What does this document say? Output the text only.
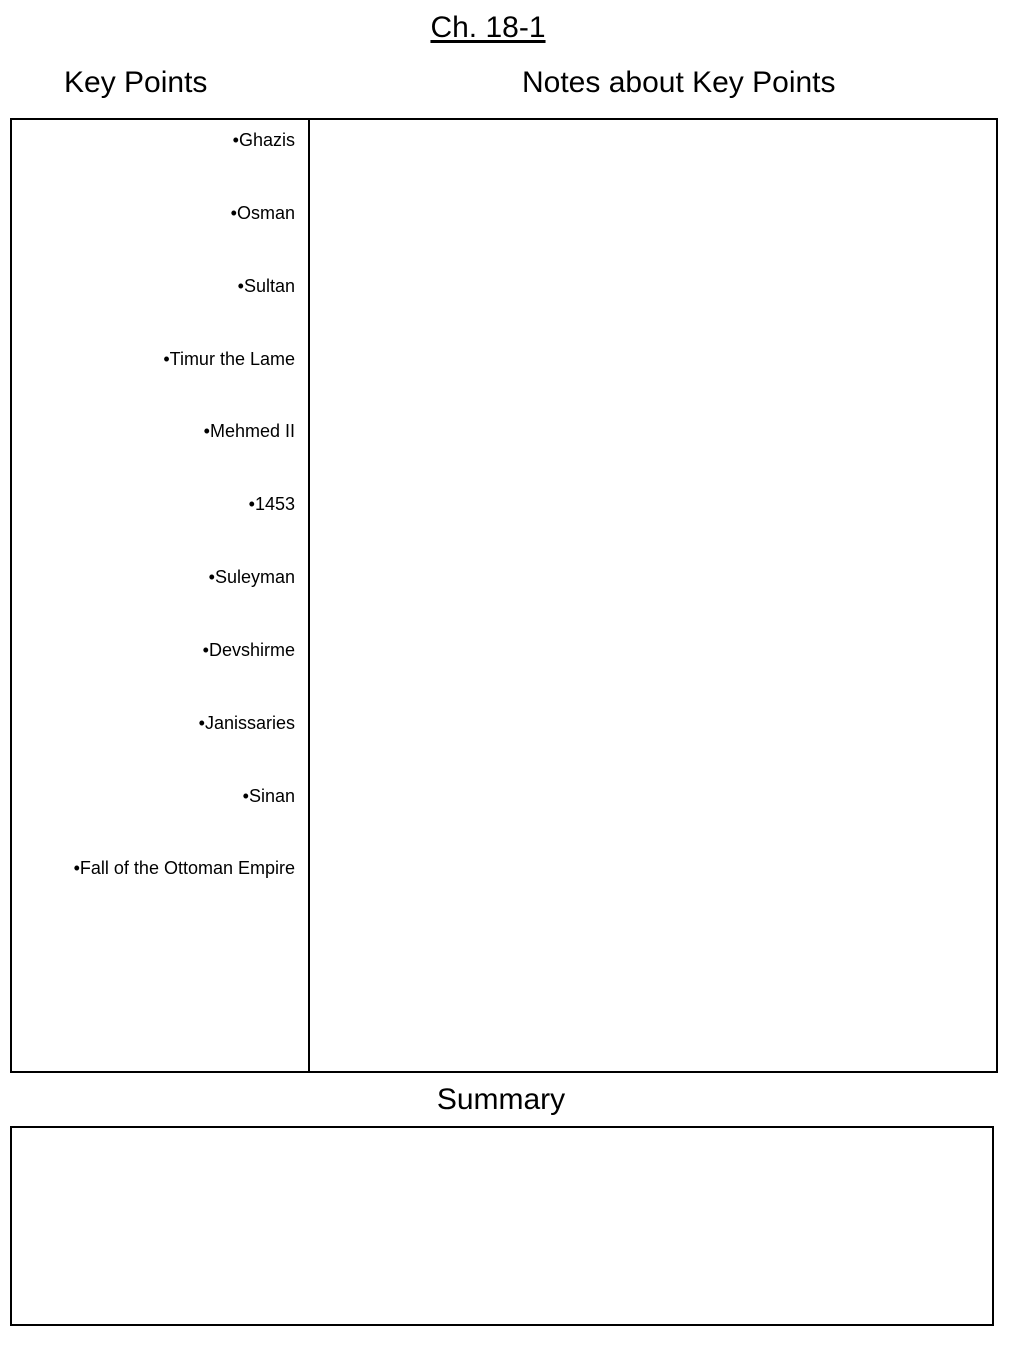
Ch. 18-1
Key Points	Notes about Key Points
•Ghazis
•Osman
•Sultan
•Timur the Lame
•Mehmed II
•1453
•Suleyman
•Devshirme
•Janissaries
•Sinan
•Fall of the Ottoman Empire
Summary
